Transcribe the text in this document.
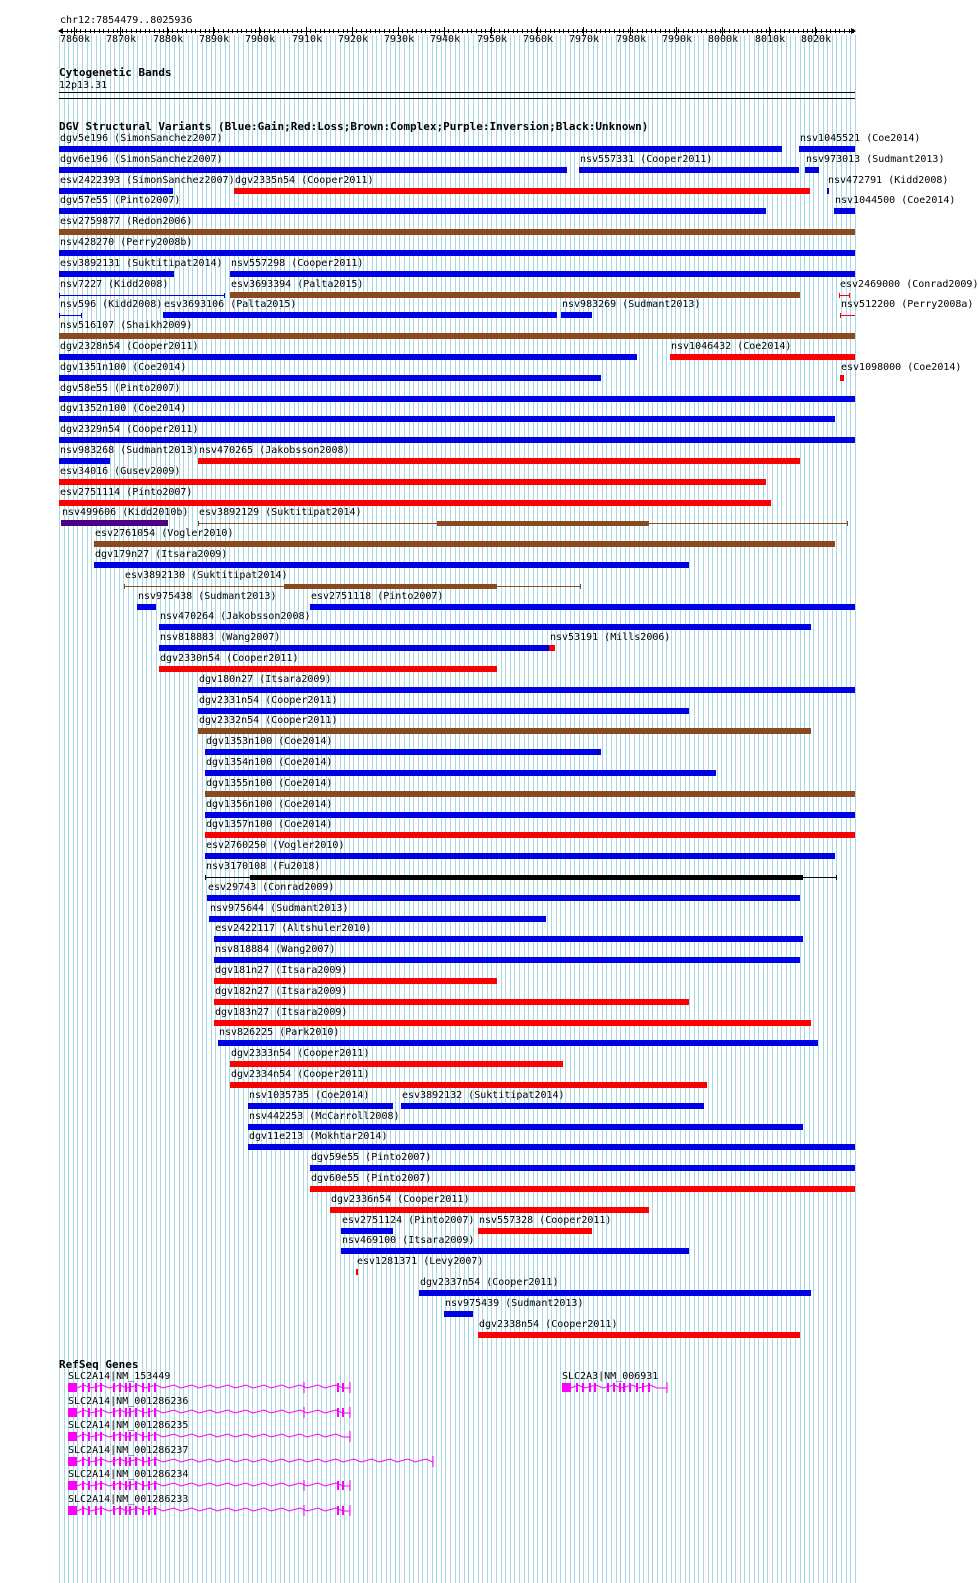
chr12:7854479..8025936
7860k 7870k 7880k 7890k 7900k 7910k 7920k 7930k 7940k 7950k 7960k 7970k 7980k 7990k 8000k 8010k 8020k
Cytogenetic Bands
12p13.31
DGV Structural Variants (Blue:Gain;Red:Loss;Brown:Complex;Purple:Inversion;Black:Unknown)
dgv5e196 (SimonSanchez2007)	nsv1045521 (Coe2014)
dgv6e196 (SimonSanchez2007)	nsv557331 (Cooper2011)	nsv973013 (Sudmant2013)
esv2422393 (SimonSanchez2007) dgv2335n54 (Cooper2011)	nsv472791 (Kidd2008)
dgv57e55 (Pinto2007)	nsv1044500 (Coe2014)
esv2759877 (Redon2006)
nsv428270 (Perry2008b)
esv3892131 (Suktitipat2014) nsv557298 (Cooper2011)
nsv7227 (Kidd2008)	esv3693394 (Palta2015)	esv2469000 (Conrad2009)
nsv596 (Kidd2008) esv3693106 (Palta2015)	nsv983269 (Sudmant2013)	nsv512200 (Perry2008a)
nsv516107 (Shaikh2009)
dgv2328n54 (Cooper2011)	nsv1046432 (Coe2014)
dgv1351n100 (Coe2014)	esv1098000 (Coe2014)
dgv58e55 (Pinto2007)
dgv1352n100 (Coe2014)
dgv2329n54 (Cooper2011)
nsv983268 (Sudmant2013) nsv470265 (Jakobsson2008)
esv34016 (Gusev2009)
esv2751114 (Pinto2007)
nsv499606 (Kidd2010b) esv3892129 (Suktitipat2014)
esv2761054 (Vogler2010)
dgv179n27 (Itsara2009)
esv3892130 (Suktitipat2014)
nsv975438 (Sudmant2013)	esv2751118 (Pinto2007)
nsv470264 (Jakobsson2008)
nsv818883 (Wang2007)	nsv53191 (Mills2006)
dgv2330n54 (Cooper2011)
dgv180n27 (Itsara2009)
dgv2331n54 (Cooper2011)
dgv2332n54 (Cooper2011)
dgv1353n100 (Coe2014)
dgv1354n100 (Coe2014)
dgv1355n100 (Coe2014)
dgv1356n100 (Coe2014)
dgv1357n100 (Coe2014)
esv2760250 (Vogler2010)
nsv3170108 (Fu2018)
esv29743 (Conrad2009)
nsv975644 (Sudmant2013)
esv2422117 (Altshuler2010)
nsv818884 (Wang2007)
dgv181n27 (Itsara2009)
dgv182n27 (Itsara2009)
dgv183n27 (Itsara2009)
nsv826225 (Park2010)
dgv2333n54 (Cooper2011)
dgv2334n54 (Cooper2011)
nsv1035735 (Coe2014)	esv3892132 (Suktitipat2014)
nsv442253 (McCarroll2008)
dgv11e213 (Mokhtar2014)
dgv59e55 (Pinto2007)
dgv60e55 (Pinto2007)
dgv2336n54 (Cooper2011)
esv2751124 (Pinto2007) nsv557328 (Cooper2011)
nsv469100 (Itsara2009)
esv1281371 (Levy2007)
dgv2337n54 (Cooper2011)
nsv975439 (Sudmant2013)
dgv2338n54 (Cooper2011)
RefSeq Genes
SLC2A14|NM_153449
SLC2A14|NM_001286236
SLC2A14|NM_001286235
SLC2A14|NM_001286237
SLC2A14|NM_001286234
SLC2A14|NM_001286233
SLC2A3|NM_006931
